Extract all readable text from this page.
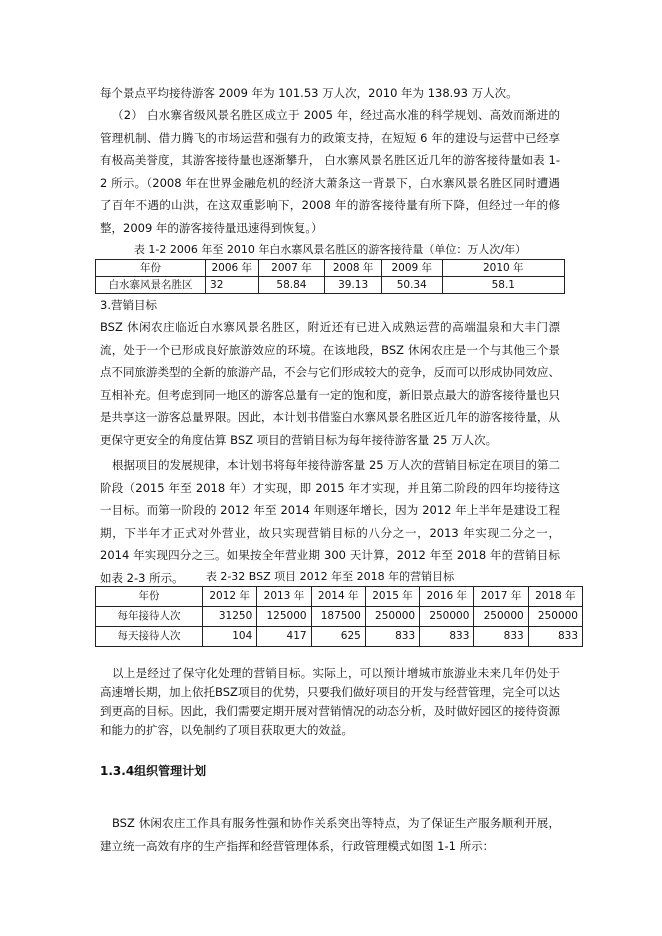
每个景点平均接待游客 2009 年为 101.53 万人次，2010 年为 138.93 万人次。

（2） 白水寨省级风景名胜区成立于 2005 年，经过高水准的科学规划、高效而渐进的管理机制、借力腾飞的市场运营和强有力的政策支持，在短短 6 年的建设与运营中已经享有极高美誉度，其游客接待量也逐渐攀升， 白水寨风景名胜区近几年的游客接待量如表 1-2 所示。（2008 年在世界金融危机的经济大萧条这一背景下，白水寨风景名胜区同时遭遇了百年不遇的山洪，在这双重影响下，2008 年的游客接待量有所下降，但经过一年的修整，2009 年的游客接待量迅速得到恢复。）

表 1-2 2006 年至 2010 年白水寨风景名胜区的游客接待量（单位：万人次/年）
年份	2006 年	2007 年	2008 年	2009 年	2010 年
白水寨风景名胜区	32	58.84	39.13	50.34	58.1

3.营销目标

BSZ 休闲农庄临近白水寨风景名胜区，附近还有已进入成熟运营的高端温泉和大丰门漂流，处于一个已形成良好旅游效应的环境。在该地段，BSZ 休闲农庄是一个与其他三个景点不同旅游类型的全新的旅游产品，不会与它们形成较大的竞争，反而可以形成协同效应、互相补充。但考虑到同一地区的游客总量有一定的饱和度，新旧景点最大的游客接待量也只是共享这一游客总量界限。因此，本计划书借鉴白水寨风景名胜区近几年的游客接待量，从更保守更安全的角度估算 BSZ 项目的营销目标为每年接待游客量 25 万人次。

根据项目的发展规律，本计划书将每年接待游客量 25 万人次的营销目标定在项目的第二阶段（2015 年至 2018 年）才实现，即 2015 年才实现，并且第二阶段的四年均接待这一目标。而第一阶段的 2012 年至 2014 年则逐年增长，因为 2012 年上半年是建设工程期，下半年才正式对外营业，故只实现营销目标的八分之一，2013 年实现二分之一，2014 年实现四分之三。如果按全年营业期 300 天计算，2012 年至 2018 年的营销目标如表 2-3 所示。	表 2-32 BSZ 项目 2012 年至 2018 年的营销目标
年份	2012 年	2013 年	2014 年	2015 年	2016 年	2017 年	2018 年
每年接待人次	31250	125000	187500	250000	250000	250000	250000
每天接待人次	104	417	625	833	833	833	833

以上是经过了保守化处理的营销目标。实际上，可以预计增城市旅游业未来几年仍处于高速增长期，加上依托BSZ项目的优势，只要我们做好项目的开发与经营管理，完全可以达到更高的目标。因此，我们需要定期开展对营销情况的动态分析，及时做好园区的接待资源和能力的扩容，以免制约了项目获取更大的效益。

1.3.4组织管理计划

BSZ 休闲农庄工作具有服务性强和协作关系突出等特点，为了保证生产服务顺利开展，建立统一高效有序的生产指挥和经营管理体系，行政管理模式如图 1-1 所示：
